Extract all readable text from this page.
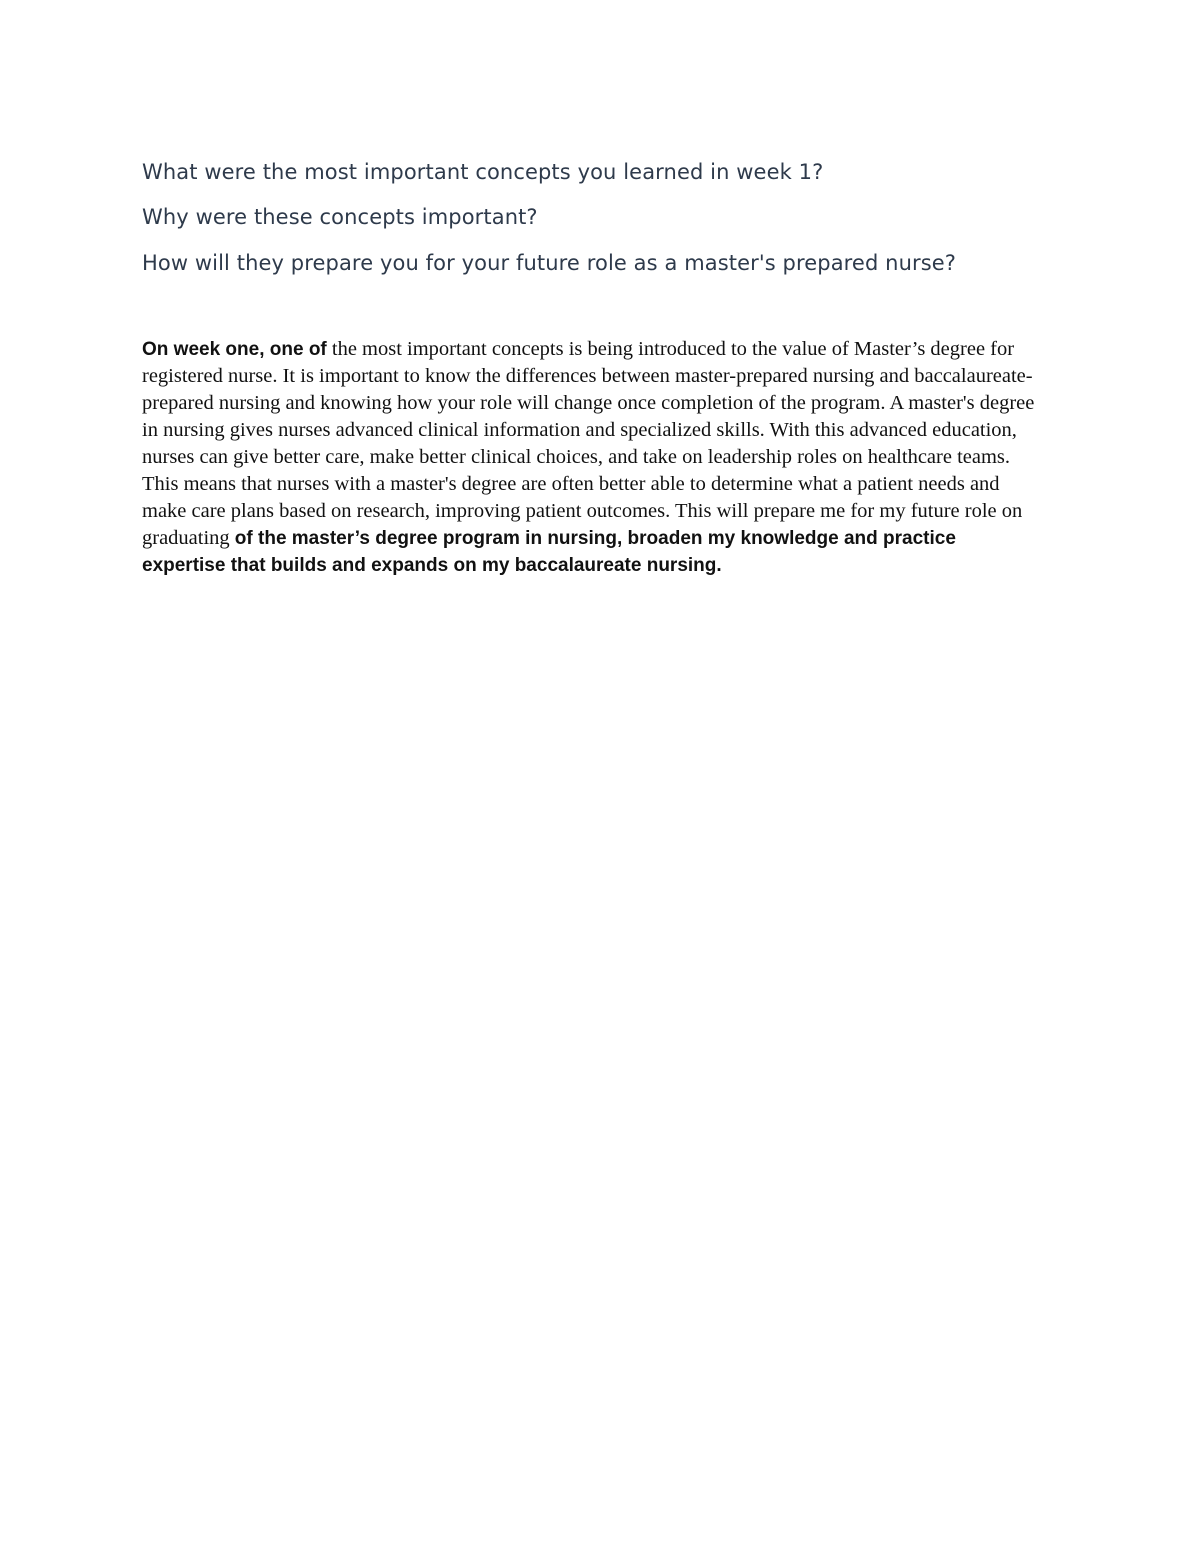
What were the most important concepts you learned in week 1?

Why were these concepts important?

How will they prepare you for your future role as a master's prepared nurse?

On week one, one of the most important concepts is being introduced to the value of Master’s degree for registered nurse. It is important to know the differences between master-prepared nursing and baccalaureate-prepared nursing and knowing how your role will change once completion of the program. A master's degree in nursing gives nurses advanced clinical information and specialized skills. With this advanced education, nurses can give better care, make better clinical choices, and take on leadership roles on healthcare teams. This means that nurses with a master's degree are often better able to determine what a patient needs and make care plans based on research, improving patient outcomes. This will prepare me for my future role on graduating of the master’s degree program in nursing, broaden my knowledge and practice expertise that builds and expands on my baccalaureate nursing.
